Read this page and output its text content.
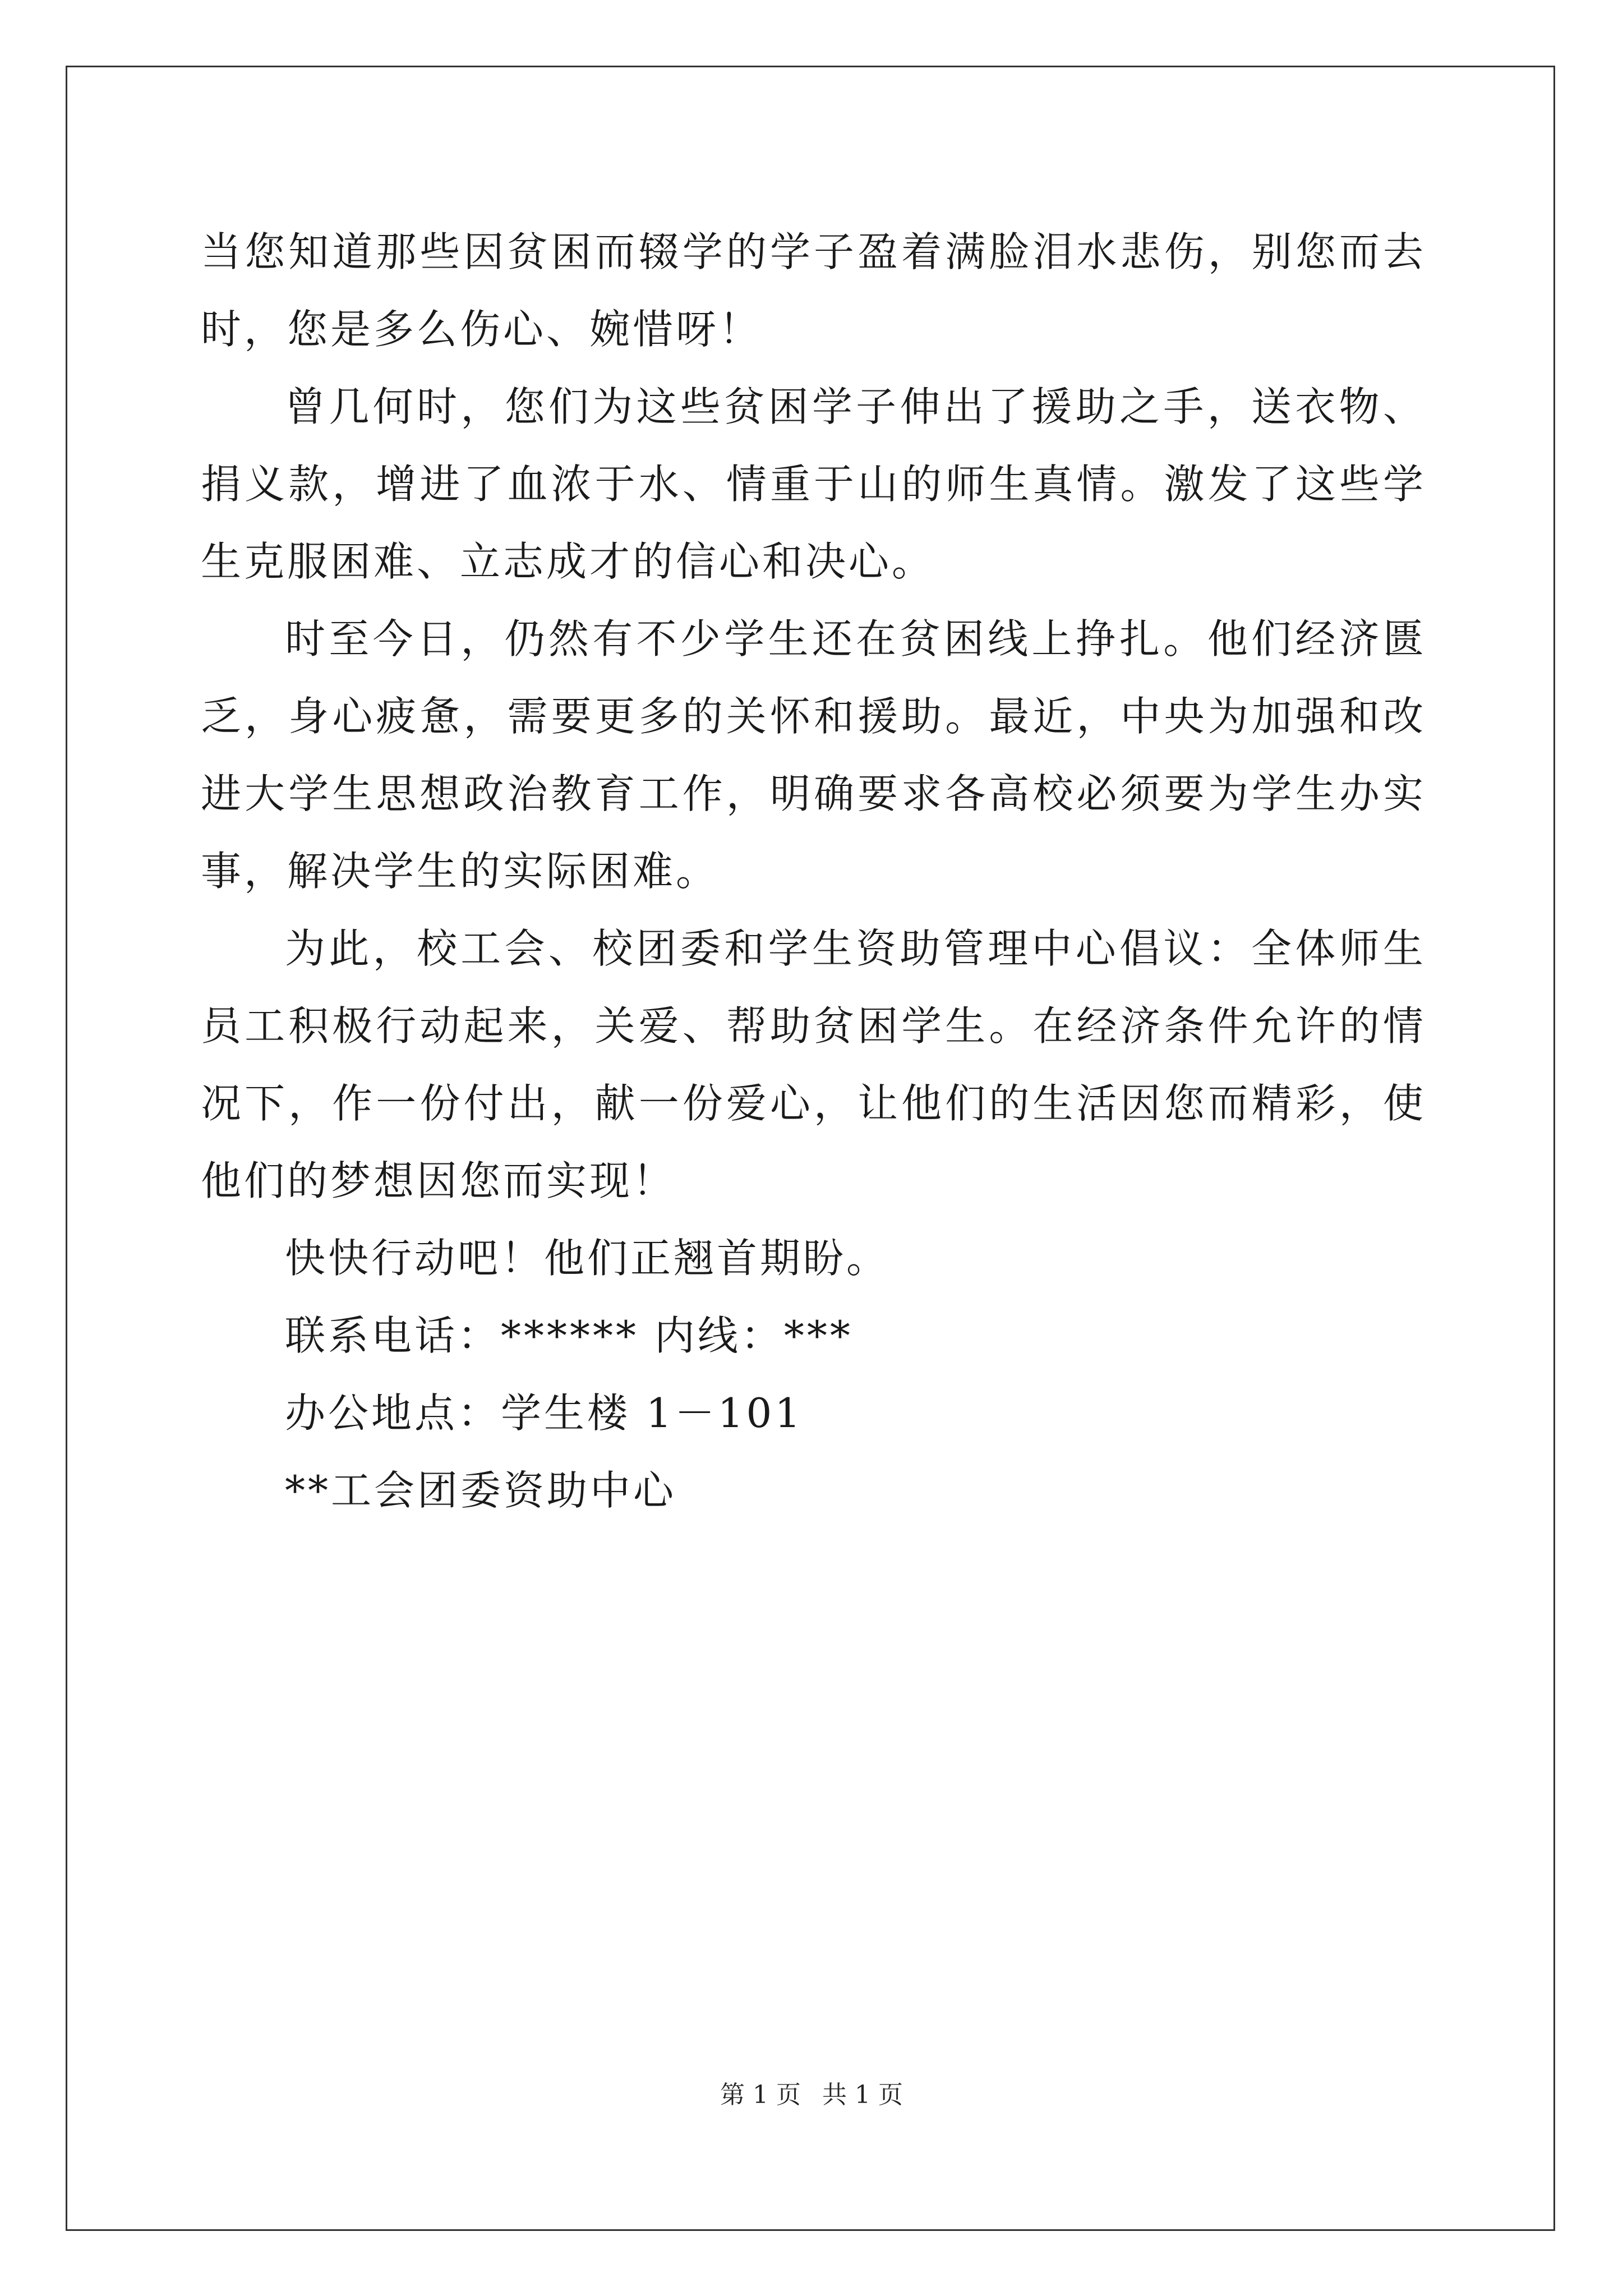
当您知道那些因贫困而辍学的学子盈着满脸泪水悲伤，别您而去时，您是多么伤心、婉惜呀！

曾几何时，您们为这些贫困学子伸出了援助之手，送衣物、捐义款，增进了血浓于水、情重于山的师生真情。激发了这些学生克服困难、立志成才的信心和决心。

时至今日，仍然有不少学生还在贫困线上挣扎。他们经济匮乏，身心疲惫，需要更多的关怀和援助。最近，中央为加强和改进大学生思想政治教育工作，明确要求各高校必须要为学生办实事，解决学生的实际困难。

为此，校工会、校团委和学生资助管理中心倡议：全体师生员工积极行动起来，关爱、帮助贫困学生。在经济条件允许的情况下，作一份付出，献一份爱心，让他们的生活因您而精彩，使他们的梦想因您而实现！

快快行动吧！他们正翘首期盼。

联系电话：****** 内线：***

办公地点：学生楼 1－101

**工会团委资助中心

第 1 页 共 1 页
